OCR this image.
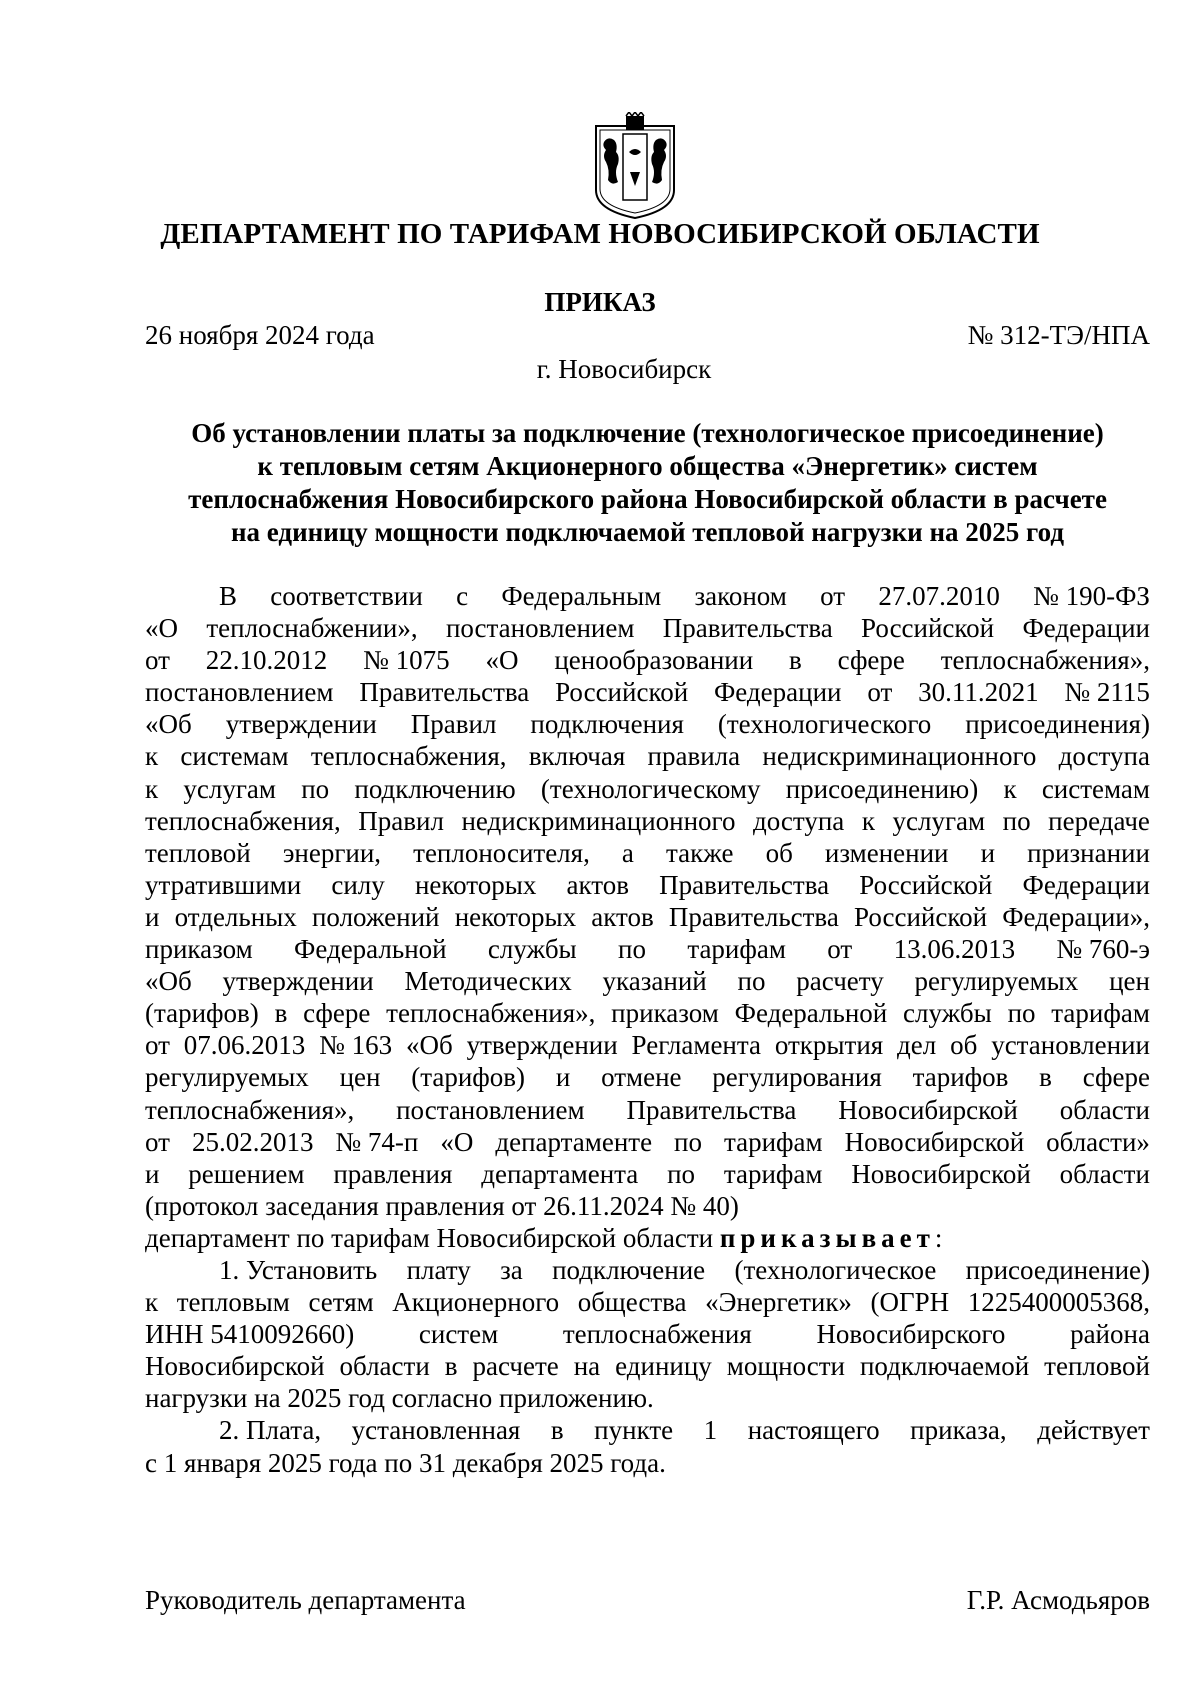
ДЕПАРТАМЕНТ ПО ТАРИФАМ НОВОСИБИРСКОЙ ОБЛАСТИ
ПРИКАЗ
26 ноября 2024 года	№ 312-ТЭ/НПА
г. Новосибирск
Об установлении платы за подключение (технологическое присоединение)
к тепловым сетям Акционерного общества «Энергетик» систем
теплоснабжения Новосибирского района Новосибирской области в расчете
на единицу мощности подключаемой тепловой нагрузки на 2025 год
В соответствии с Федеральным законом от 27.07.2010 № 190-ФЗ
«О теплоснабжении», постановлением Правительства Российской Федерации
от 22.10.2012 № 1075 «О ценообразовании в сфере теплоснабжения»,
постановлением Правительства Российской Федерации от 30.11.2021 № 2115
«Об утверждении Правил подключения (технологического присоединения)
к системам теплоснабжения, включая правила недискриминационного доступа
к услугам по подключению (технологическому присоединению) к системам
теплоснабжения, Правил недискриминационного доступа к услугам по передаче
тепловой энергии, теплоносителя, а также об изменении и признании
утратившими силу некоторых актов Правительства Российской Федерации
и отдельных положений некоторых актов Правительства Российской Федерации»,
приказом Федеральной службы по тарифам от 13.06.2013 № 760-э
«Об утверждении Методических указаний по расчету регулируемых цен
(тарифов) в сфере теплоснабжения», приказом Федеральной службы по тарифам
от 07.06.2013 № 163 «Об утверждении Регламента открытия дел об установлении
регулируемых цен (тарифов) и отмене регулирования тарифов в сфере
теплоснабжения», постановлением Правительства Новосибирской области
от 25.02.2013 № 74-п «О департаменте по тарифам Новосибирской области»
и решением правления департамента по тарифам Новосибирской области
(протокол заседания правления от 26.11.2024 № 40)
департамент по тарифам Новосибирской области приказывает:
1. Установить плату за подключение (технологическое присоединение)
к тепловым сетям Акционерного общества «Энергетик» (ОГРН 1225400005368,
ИНН 5410092660) систем теплоснабжения Новосибирского района
Новосибирской области в расчете на единицу мощности подключаемой тепловой
нагрузки на 2025 год согласно приложению.
2. Плата, установленная в пункте 1 настоящего приказа, действует
с 1 января 2025 года по 31 декабря 2025 года.
Руководитель департамента	Г.Р. Асмодьяров
